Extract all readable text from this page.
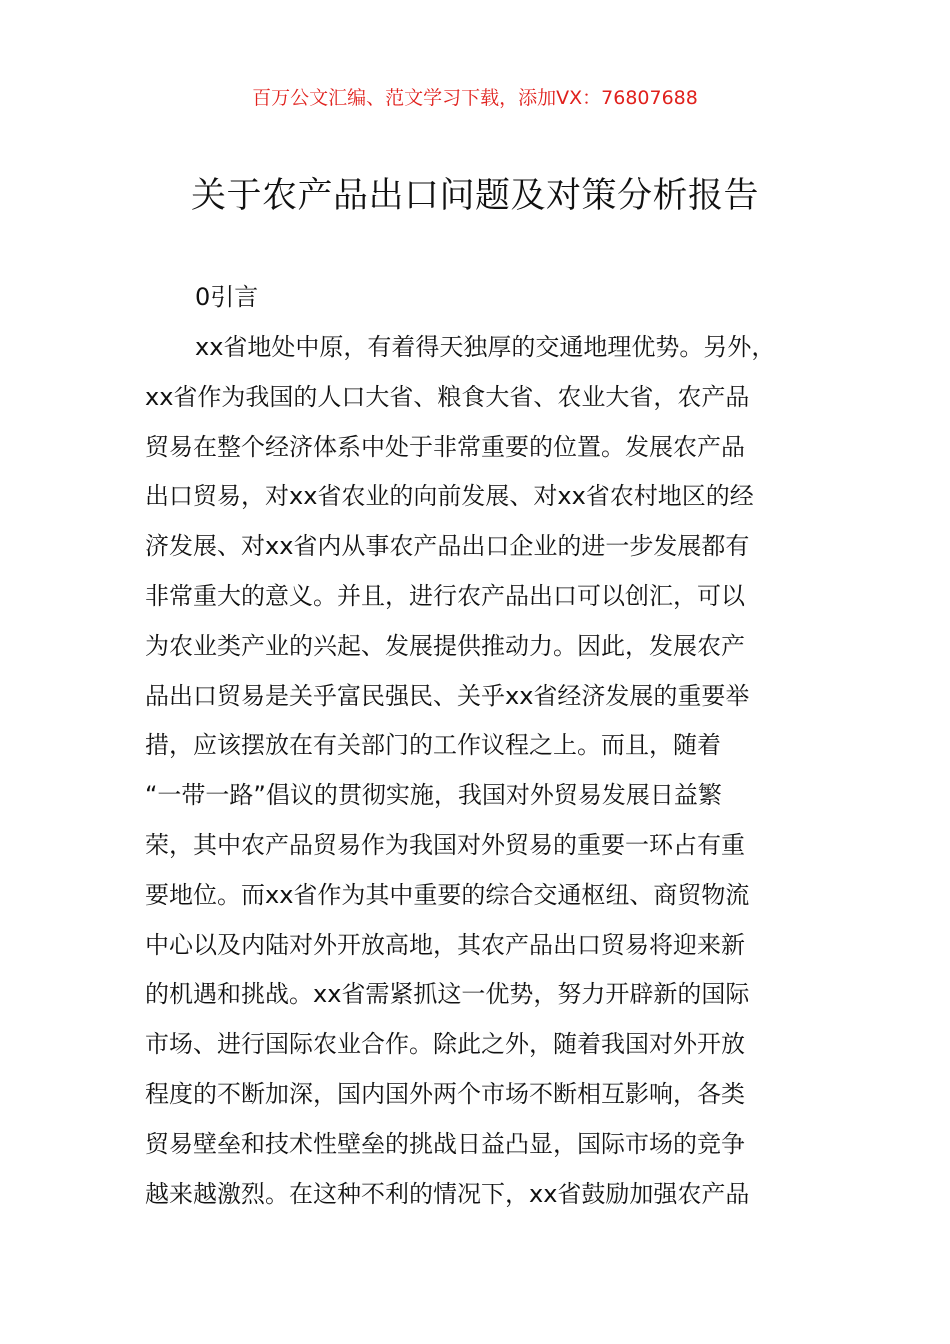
百万公文汇编、范文学习下载，添加VX：76807688
关于农产品出口问题及对策分析报告
0引言
xx省地处中原，有着得天独厚的交通地理优势。另外，
xx省作为我国的人口大省、粮食大省、农业大省，农产品
贸易在整个经济体系中处于非常重要的位置。发展农产品
出口贸易，对xx省农业的向前发展、对xx省农村地区的经
济发展、对xx省内从事农产品出口企业的进一步发展都有
非常重大的意义。并且，进行农产品出口可以创汇，可以
为农业类产业的兴起、发展提供推动力。因此，发展农产
品出口贸易是关乎富民强民、关乎xx省经济发展的重要举
措，应该摆放在有关部门的工作议程之上。而且，随着
“一带一路”倡议的贯彻实施，我国对外贸易发展日益繁
荣，其中农产品贸易作为我国对外贸易的重要一环占有重
要地位。而xx省作为其中重要的综合交通枢纽、商贸物流
中心以及内陆对外开放高地，其农产品出口贸易将迎来新
的机遇和挑战。xx省需紧抓这一优势，努力开辟新的国际
市场、进行国际农业合作。除此之外，随着我国对外开放
程度的不断加深，国内国外两个市场不断相互影响，各类
贸易壁垒和技术性壁垒的挑战日益凸显，国际市场的竞争
越来越激烈。在这种不利的情况下，xx省鼓励加强农产品
